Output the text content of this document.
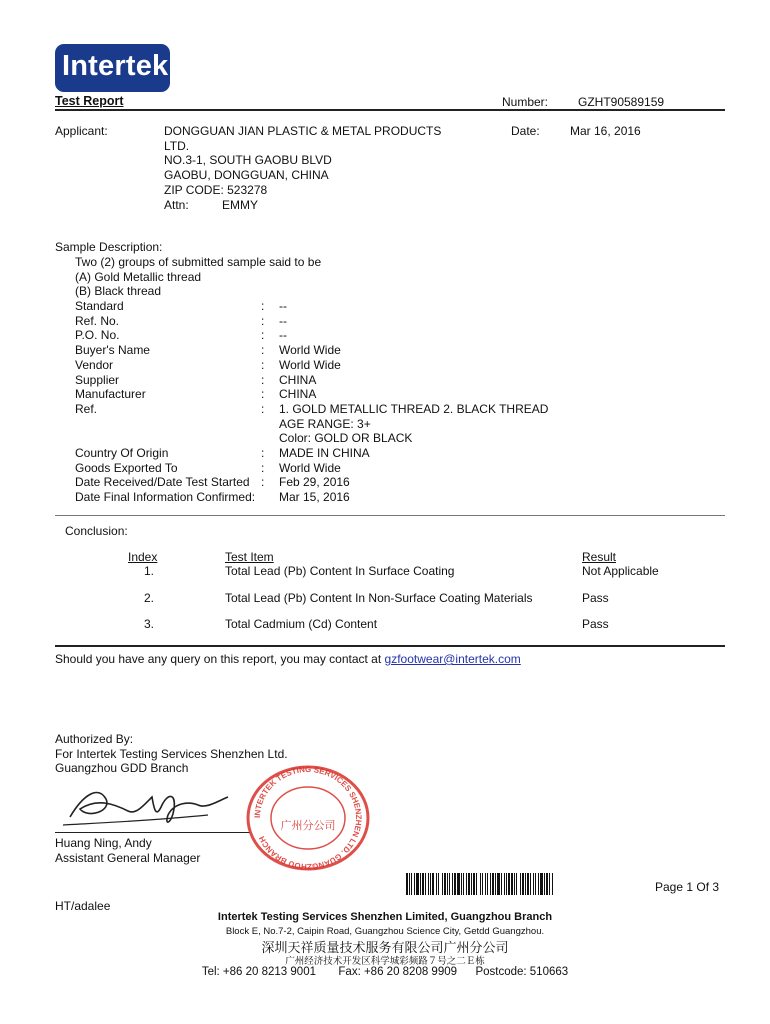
Intertek
Test Report	Number: GZHT90589159
Applicant:	DONGGUAN JIAN PLASTIC & METAL PRODUCTS
LTD.
NO.3-1, SOUTH GAOBU BLVD
GAOBU, DONGGUAN, CHINA
ZIP CODE: 523278
Attn:	EMMY
Date:	Mar 16, 2016
Sample Description:
Two (2) groups of submitted sample said to be
(A) Gold Metallic thread
(B) Black thread
Standard	:	--
Ref. No.	:	--
P.O. No.	:	--
Buyer's Name	:	World Wide
Vendor	:	World Wide
Supplier	:	CHINA
Manufacturer	:	CHINA
Ref.	:	1. GOLD METALLIC THREAD 2. BLACK THREAD
AGE RANGE: 3+
Color: GOLD OR BLACK
Country Of Origin	:	MADE IN CHINA
Goods Exported To	:	World Wide
Date Received/Date Test Started :	Feb 29, 2016
Date Final Information Confirmed:	Mar 15, 2016
Conclusion:
Index	Test Item	Result
1.	Total Lead (Pb) Content In Surface Coating	Not Applicable
2.	Total Lead (Pb) Content In Non-Surface Coating Materials	Pass
3.	Total Cadmium (Cd) Content	Pass
Should you have any query on this report, you may contact at gzfootwear@intertek.com
Authorized By:
For Intertek Testing Services Shenzhen Ltd.
Guangzhou GDD Branch
Huang Ning, Andy
Assistant General Manager
INTERTEK TESTING SERVICES SHENZHEN LTD. GUANGZHOU BRANCH
广州分公司
Page 1 Of 3
HT/adalee
Intertek Testing Services Shenzhen Limited, Guangzhou Branch
Block E, No.7-2, Caipin Road, Guangzhou Science City, Getdd Guangzhou.
深圳天祥质量技术服务有限公司广州分公司
广州经济技术开发区科学城彩频路７号之二Ｅ栋
Tel: +86 20 8213 9001 Fax: +86 20 8208 9909 Postcode: 510663
